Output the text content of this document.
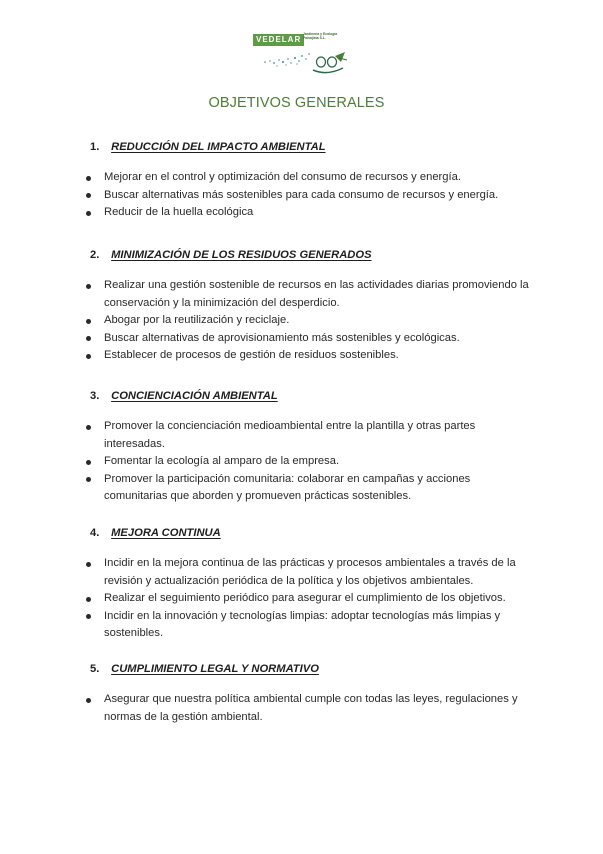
VEDELAR
Jardinería y Ecología Paisajista S.L.
OBJETIVOS GENERALES
1. REDUCCIÓN DEL IMPACTO AMBIENTAL
Mejorar en el control y optimización del consumo de recursos y energía.
Buscar alternativas más sostenibles para cada consumo de recursos y energía.
Reducir de la huella ecológica
2. MINIMIZACIÓN DE LOS RESIDUOS GENERADOS
Realizar una gestión sostenible de recursos en las actividades diarias promoviendo la conservación y la minimización del desperdicio.
Abogar por la reutilización y reciclaje.
Buscar alternativas de aprovisionamiento más sostenibles y ecológicas.
Establecer de procesos de gestión de residuos sostenibles.
3. CONCIENCIACIÓN AMBIENTAL
Promover la concienciación medioambiental entre la plantilla y otras partes interesadas.
Fomentar la ecología al amparo de la empresa.
Promover la participación comunitaria: colaborar en campañas y acciones comunitarias que aborden y promueven prácticas sostenibles.
4. MEJORA CONTINUA
Incidir en la mejora continua de las prácticas y procesos ambientales a través de la revisión y actualización periódica de la política y los objetivos ambientales.
Realizar el seguimiento periódico para asegurar el cumplimiento de los objetivos.
Incidir en la innovación y tecnologías limpias: adoptar tecnologías más limpias y sostenibles.
5. CUMPLIMIENTO LEGAL Y NORMATIVO
Asegurar que nuestra política ambiental cumple con todas las leyes, regulaciones y normas de la gestión ambiental.
